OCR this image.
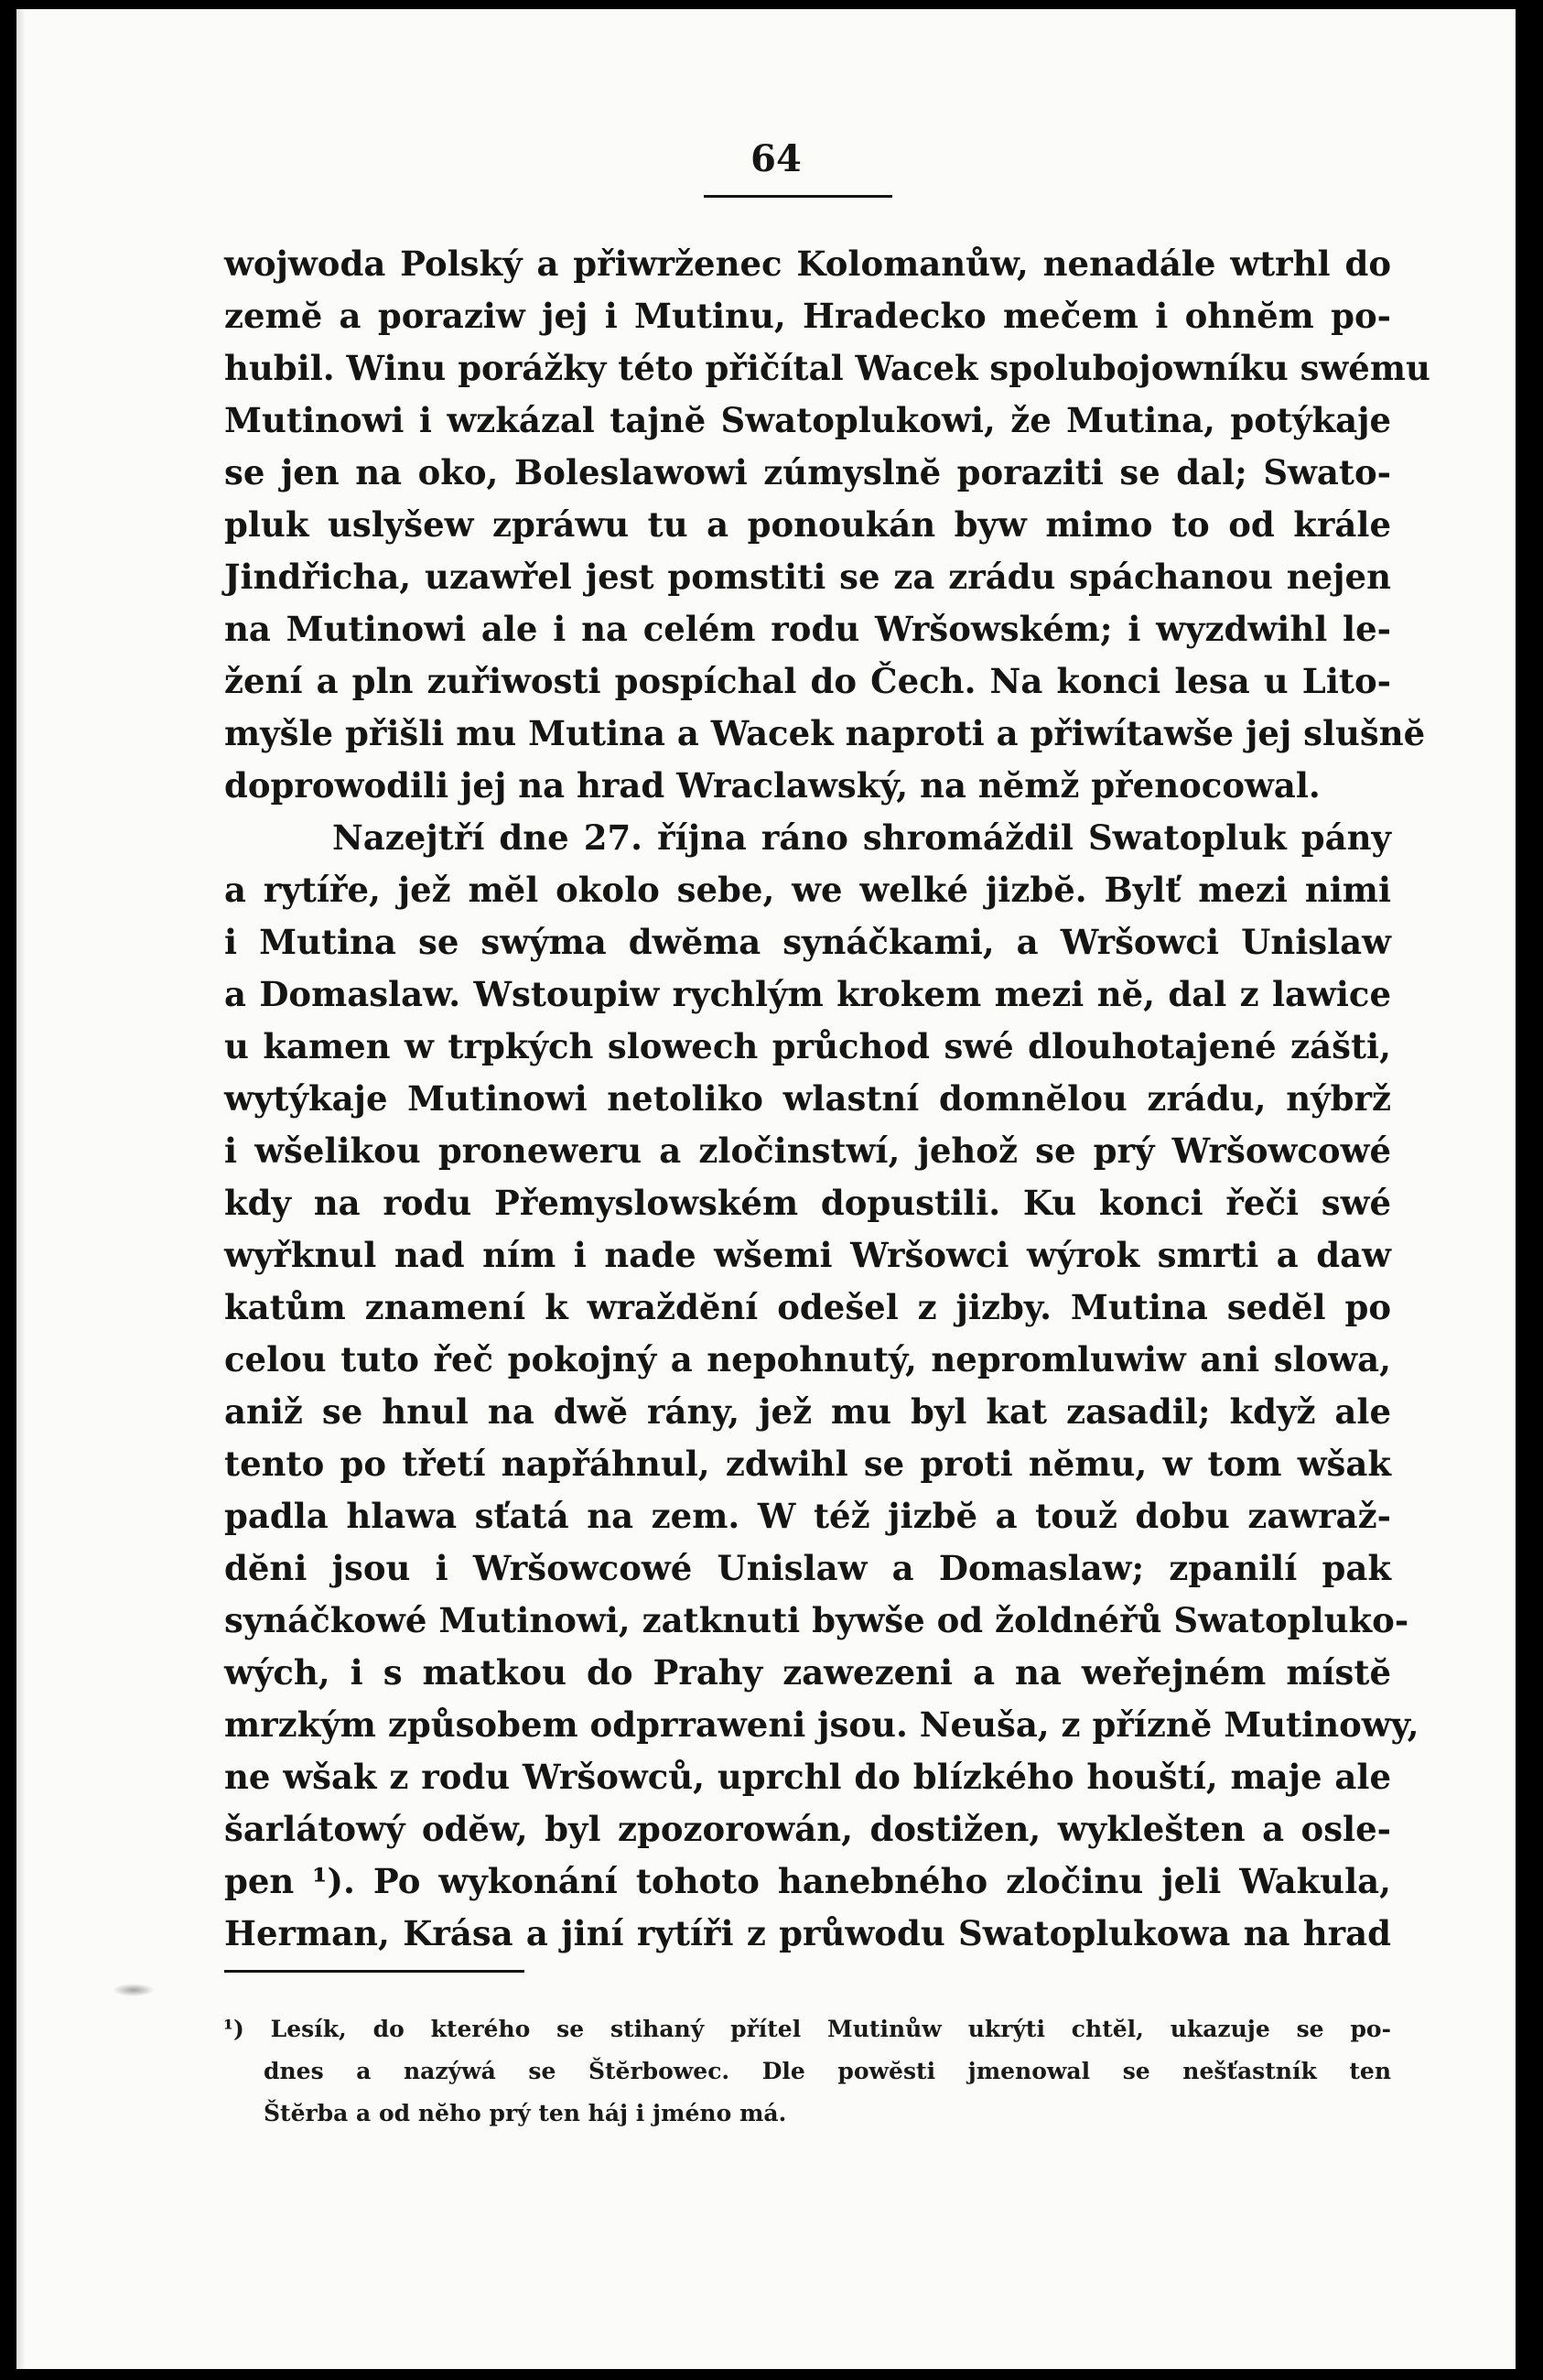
64
wojwoda Polský a přiwrženec Kolomanůw, nenadále wtrhl do
zemĕ a poraziw jej i Mutinu, Hradecko mečem i ohnĕm po-
hubil. Winu porážky této přičítal Wacek spolubojowníku swému
Mutinowi i wzkázal tajnĕ Swatoplukowi, že Mutina, potýkaje
se jen na oko, Boleslawowi zúmyslnĕ poraziti se dal; Swato-
pluk uslyšew zpráwu tu a ponoukán byw mimo to od krále
Jindřicha, uzawřel jest pomstiti se za zrádu spáchanou nejen
na Mutinowi ale i na celém rodu Wršowském; i wyzdwihl le-
žení a pln zuřiwosti pospíchal do Čech. Na konci lesa u Lito-
myšle přišli mu Mutina a Wacek naproti a přiwítawše jej slušnĕ
doprowodili jej na hrad Wraclawský, na nĕmž přenocowal.
Nazejtří dne 27. října ráno shromáždil Swatopluk pány
a rytíře, jež mĕl okolo sebe, we welké jizbĕ. Bylť mezi nimi
i Mutina se swýma dwĕma synáčkami, a Wršowci Unislaw
a Domaslaw. Wstoupiw rychlým krokem mezi nĕ, dal z lawice
u kamen w trpkých slowech průchod swé dlouhotajené zášti,
wytýkaje Mutinowi netoliko wlastní domnĕlou zrádu, nýbrž
i wšelikou proneweru a zločinstwí, jehož se prý Wršowcowé
kdy na rodu Přemyslowském dopustili. Ku konci řeči swé
wyřknul nad ním i nade wšemi Wršowci wýrok smrti a daw
katům znamení k wraždĕní odešel z jizby. Mutina sedĕl po
celou tuto řeč pokojný a nepohnutý, nepromluwiw ani slowa,
aniž se hnul na dwĕ rány, jež mu byl kat zasadil; když ale
tento po třetí napřáhnul, zdwihl se proti nĕmu, w tom wšak
padla hlawa sťatá na zem. W též jizbĕ a touž dobu zawraž-
dĕni jsou i Wršowcowé Unislaw a Domaslaw; zpanilí pak
synáčkowé Mutinowi, zatknuti bywše od žoldnéřů Swatopluko-
wých, i s matkou do Prahy zawezeni a na weřejném místĕ
mrzkým způsobem odprraweni jsou. Neuša, z přízně Mutinowy,
ne wšak z rodu Wršowců, uprchl do blízkého houští, maje ale
šarlátowý odĕw, byl zpozorowán, dostižen, wyklešten a osle-
pen ¹). Po wykonání tohoto hanebného zločinu jeli Wakula,
Herman, Krása a jiní rytíři z průwodu Swatoplukowa na hrad
¹) Lesík, do kterého se stihaný přítel Mutinůw ukrýti chtĕl, ukazuje se po-
dnes a nazýwá se Štĕrbowec. Dle powĕsti jmenowal se nešťastník ten
Štĕrba a od nĕho prý ten háj i jméno má.
